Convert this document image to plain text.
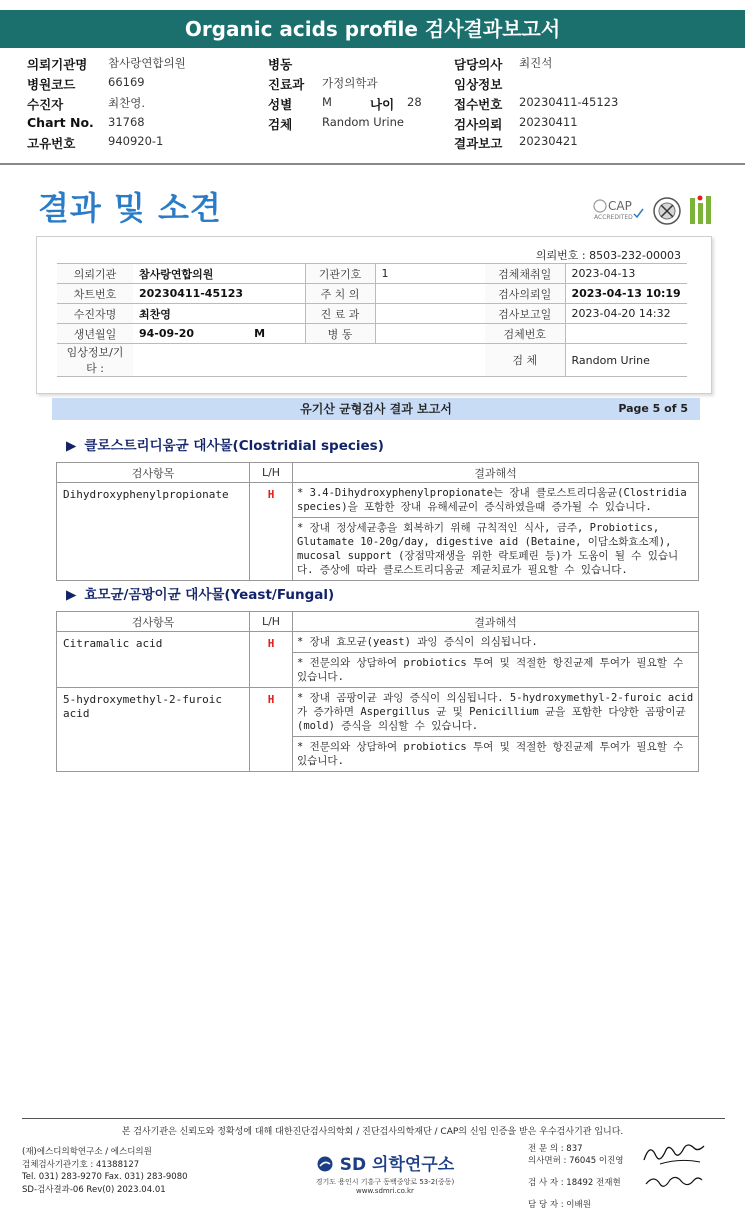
Organic acids profile 검사결과보고서
의뢰기관명 참사랑연합의원	병동	담당의사 최진석
병원코드	66169	진료과 가정의학과	임상정보
수진자	최찬영.	성별	M	나이 28	접수번호 20230411-45123
Chart No. 31768	검체	Random Urine	검사의뢰 20230411
고유번호	940920-1	결과보고 20230421
결과 및 소견	CAP
ACCREDITED
의뢰번호 : 8503-232-00003
의뢰기관	참사랑연합의원	기관기호	1	검체채취일	2023-04-13
차트번호	20230411-45123	주 치 의		검사의뢰일	2023-04-13 10:19
수진자명	최찬영	진 료 과		검사보고일	2023-04-20 14:32
생년월일	94-09-20 M	병 동		검체번호	
임상정보/기타 :				검 체	Random Urine
유기산 균형검사 결과 보고서	Page 5 of 5
▶ 클로스트리디움균 대사물(Clostridial species)
검사항목	L/H	결과해석
Dihydroxyphenylpropionate	H	* 3.4-Dihydroxyphenylpropionate는 장내 클로스트리디움균(Clostridia species)을 포함한 장내 유해세균이 증식하였을때 증가될 수 있습니다.
		* 장내 정상세균총을 회복하기 위해 규칙적인 식사, 금주, Probiotics, Glutamate 10-20g/day, digestive aid (Betaine, 이담소화효소제), mucosal support (장점막재생을 위한 락토페린 등)가 도움이 될 수 있습니다. 증상에 따라 클로스트리디움균 제균치료가 필요할 수 있습니다.
▶ 효모균/곰팡이균 대사물(Yeast/Fungal)
검사항목	L/H	결과해석
Citramalic acid	H	* 장내 효모균(yeast) 과잉 증식이 의심됩니다.
		* 전문의와 상담하여 probiotics 투여 및 적절한 항진균제 투여가 필요할 수 있습니다.
5-hydroxymethyl-2-furoic acid	H	* 장내 곰팡이균 과잉 증식이 의심됩니다. 5-hydroxymethyl-2-furoic acid가 증가하면 Aspergillus 균 및 Penicillium 균을 포함한 다양한 곰팡이균(mold) 증식을 의심할 수 있습니다.
		* 전문의와 상담하여 probiotics 투여 및 적절한 항진균제 투여가 필요할 수 있습니다.
본 검사기관은 신뢰도와 정확성에 대해 대한진단검사의학회 / 진단검사의학재단 / CAP의 신임 인증을 받은 우수검사기관 입니다.
(재)에스디의학연구소 / 에스디의원
검체검사기관기호 : 41388127
Tel. 031) 283-9270 Fax. 031) 283-9080
SD-검사결과-06 Rev(0) 2023.04.01
SD 의학연구소
경기도 용인시 기흥구 동백중앙로 53-2(중동)
www.sdmri.co.kr
전 문 의 : 837
의사면허 : 76045 이진영
검 사 자 : 18492 전재현
담 당 자 : 이배원
